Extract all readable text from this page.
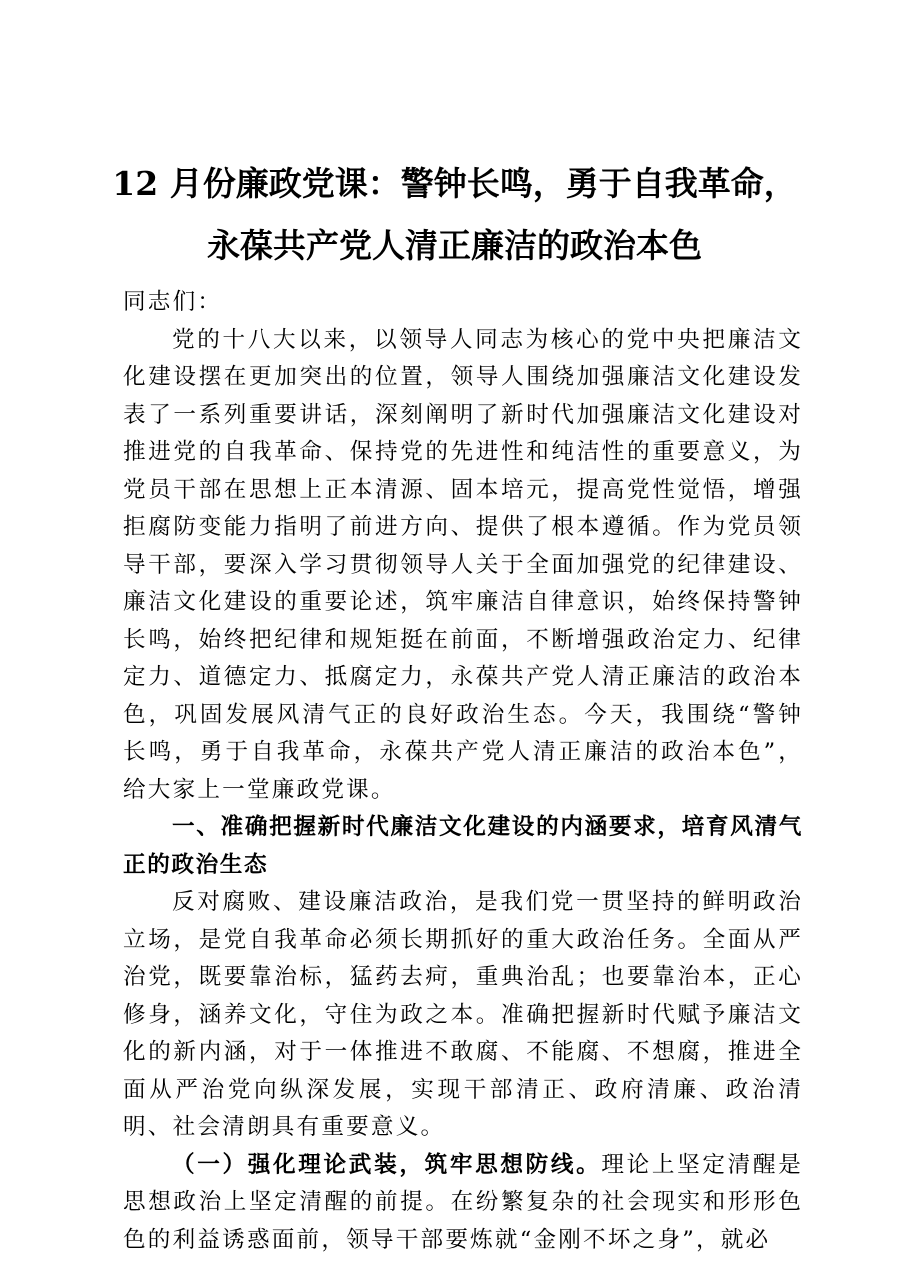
12 月份廉政党课：警钟长鸣，勇于自我革命，
永葆共产党人清正廉洁的政治本色

同志们：

党的十八大以来，以领导人同志为核心的党中央把廉洁文化建设摆在更加突出的位置，领导人围绕加强廉洁文化建设发表了一系列重要讲话，深刻阐明了新时代加强廉洁文化建设对推进党的自我革命、保持党的先进性和纯洁性的重要意义，为党员干部在思想上正本清源、固本培元，提高党性觉悟，增强拒腐防变能力指明了前进方向、提供了根本遵循。作为党员领导干部，要深入学习贯彻领导人关于全面加强党的纪律建设、廉洁文化建设的重要论述，筑牢廉洁自律意识，始终保持警钟长鸣，始终把纪律和规矩挺在前面，不断增强政治定力、纪律定力、道德定力、抵腐定力，永葆共产党人清正廉洁的政治本色，巩固发展风清气正的良好政治生态。今天，我围绕“警钟长鸣，勇于自我革命，永葆共产党人清正廉洁的政治本色”，给大家上一堂廉政党课。

一、准确把握新时代廉洁文化建设的内涵要求，培育风清气正的政治生态

反对腐败、建设廉洁政治，是我们党一贯坚持的鲜明政治立场，是党自我革命必须长期抓好的重大政治任务。全面从严治党，既要靠治标，猛药去疴，重典治乱；也要靠治本，正心修身，涵养文化，守住为政之本。准确把握新时代赋予廉洁文化的新内涵，对于一体推进不敢腐、不能腐、不想腐，推进全面从严治党向纵深发展，实现干部清正、政府清廉、政治清明、社会清朗具有重要意义。

（一）强化理论武装，筑牢思想防线。理论上坚定清醒是思想政治上坚定清醒的前提。在纷繁复杂的社会现实和形形色色的利益诱惑面前，领导干部要炼就“金刚不坏之身”，就必
